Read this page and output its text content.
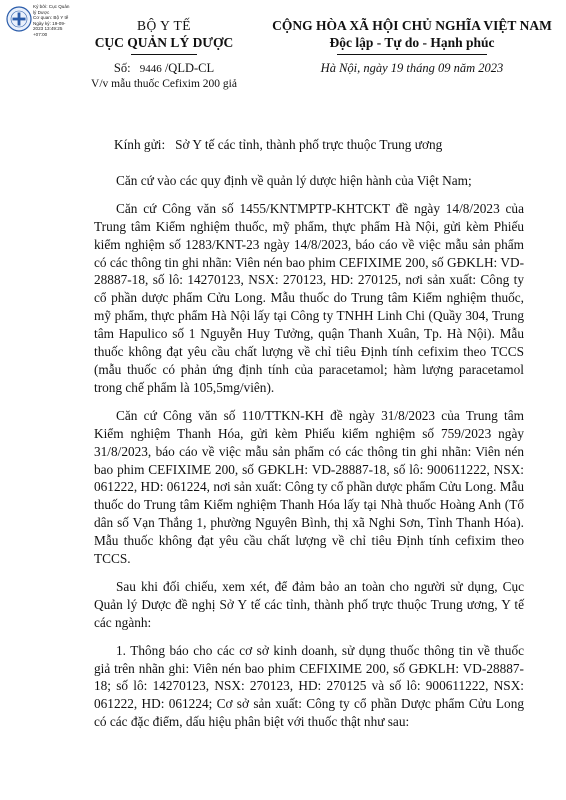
Ký bởi: Cục Quản
lý Dược
Cơ quan: Bộ Y tế
Ngày ký: 19-09-
2023 13:49:25
+07:00
BỘ Y TẾ
CỤC QUẢN LÝ DƯỢC
Số: 9446 /QLD-CL
V/v mẫu thuốc Cefixim 200 giả
CỘNG HÒA XÃ HỘI CHỦ NGHĨA VIỆT NAM
Độc lập - Tự do - Hạnh phúc
Hà Nội, ngày 19 tháng 09 năm 2023
Kính gửi:   Sở Y tế các tỉnh, thành phố trực thuộc Trung ương

Căn cứ vào các quy định về quản lý dược hiện hành của Việt Nam;

Căn cứ Công văn số 1455/KNTMPTP-KHTCKT đề ngày 14/8/2023 của Trung tâm Kiểm nghiệm thuốc, mỹ phẩm, thực phẩm Hà Nội, gửi kèm Phiếu kiểm nghiệm số 1283/KNT-23 ngày 14/8/2023, báo cáo về việc mẫu sản phẩm có các thông tin ghi nhãn: Viên nén bao phim CEFIXIME 200, số GĐKLH: VD-28887-18, số lô: 14270123, NSX: 270123, HD: 270125, nơi sản xuất: Công ty cổ phần dược phẩm Cửu Long. Mẫu thuốc do Trung tâm Kiểm nghiệm thuốc, mỹ phẩm, thực phẩm Hà Nội lấy tại Công ty TNHH Linh Chi (Quầy 304, Trung tâm Hapulico số 1 Nguyễn Huy Tưởng, quận Thanh Xuân, Tp. Hà Nội). Mẫu thuốc không đạt yêu cầu chất lượng về chỉ tiêu Định tính cefixim theo TCCS (mẫu thuốc có phản ứng định tính của paracetamol; hàm lượng paracetamol trong chế phẩm là 105,5mg/viên).

Căn cứ Công văn số 110/TTKN-KH đề ngày 31/8/2023 của Trung tâm Kiểm nghiệm Thanh Hóa, gửi kèm Phiếu kiểm nghiệm số 759/2023 ngày 31/8/2023, báo cáo về việc mẫu sản phẩm có các thông tin ghi nhãn: Viên nén bao phim CEFIXIME 200, số GĐKLH: VD-28887-18, số lô: 900611222, NSX: 061222, HD: 061224, nơi sản xuất: Công ty cổ phần dược phẩm Cửu Long. Mẫu thuốc do Trung tâm Kiểm nghiệm Thanh Hóa lấy tại Nhà thuốc Hoàng Anh (Tổ dân số Vạn Thắng 1, phường Nguyên Bình, thị xã Nghi Sơn, Tỉnh Thanh Hóa). Mẫu thuốc không đạt yêu cầu chất lượng về chỉ tiêu Định tính cefixim theo TCCS.

Sau khi đối chiếu, xem xét, để đảm bảo an toàn cho người sử dụng, Cục Quản lý Dược đề nghị Sở Y tế các tỉnh, thành phố trực thuộc Trung ương, Y tế các ngành:

1. Thông báo cho các cơ sở kinh doanh, sử dụng thuốc thông tin về thuốc giả trên nhãn ghi: Viên nén bao phim CEFIXIME 200, số GĐKLH: VD-28887-18; số lô: 14270123, NSX: 270123, HD: 270125 và số lô: 900611222, NSX: 061222, HD: 061224; Cơ sở sản xuất: Công ty cổ phần Dược phẩm Cửu Long có các đặc điểm, dấu hiệu phân biệt với thuốc thật như sau:
